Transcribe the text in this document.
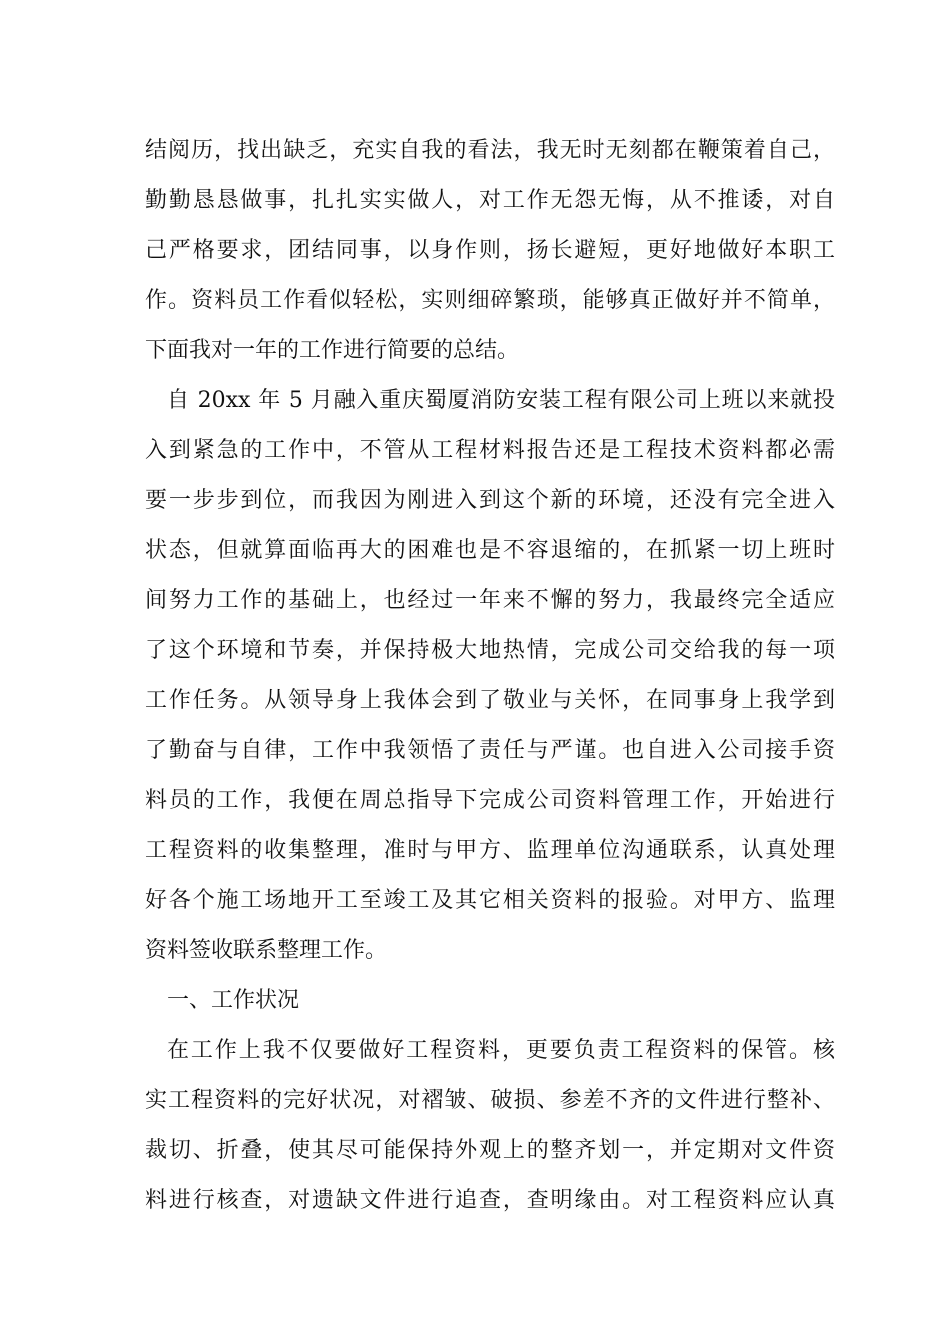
结阅历，找出缺乏，充实自我的看法，我无时无刻都在鞭策着自己，
勤勤恳恳做事，扎扎实实做人，对工作无怨无悔，从不推诿，对自
己严格要求，团结同事，以身作则，扬长避短，更好地做好本职工
作。资料员工作看似轻松，实则细碎繁琐，能够真正做好并不简单，
下面我对一年的工作进行简要的总结。
自 20xx 年 5 月融入重庆蜀厦消防安装工程有限公司上班以来就投
入到紧急的工作中，不管从工程材料报告还是工程技术资料都必需
要一步步到位，而我因为刚进入到这个新的环境，还没有完全进入
状态，但就算面临再大的困难也是不容退缩的，在抓紧一切上班时
间努力工作的基础上，也经过一年来不懈的努力，我最终完全适应
了这个环境和节奏，并保持极大地热情，完成公司交给我的每一项
工作任务。从领导身上我体会到了敬业与关怀，在同事身上我学到
了勤奋与自律，工作中我领悟了责任与严谨。也自进入公司接手资
料员的工作，我便在周总指导下完成公司资料管理工作，开始进行
工程资料的收集整理，准时与甲方、监理单位沟通联系，认真处理
好各个施工场地开工至竣工及其它相关资料的报验。对甲方、监理
资料签收联系整理工作。
一、工作状况
在工作上我不仅要做好工程资料，更要负责工程资料的保管。核
实工程资料的完好状况，对褶皱、破损、参差不齐的文件进行整补、
裁切、折叠，使其尽可能保持外观上的整齐划一，并定期对文件资
料进行核查，对遗缺文件进行追查，查明缘由。对工程资料应认真
